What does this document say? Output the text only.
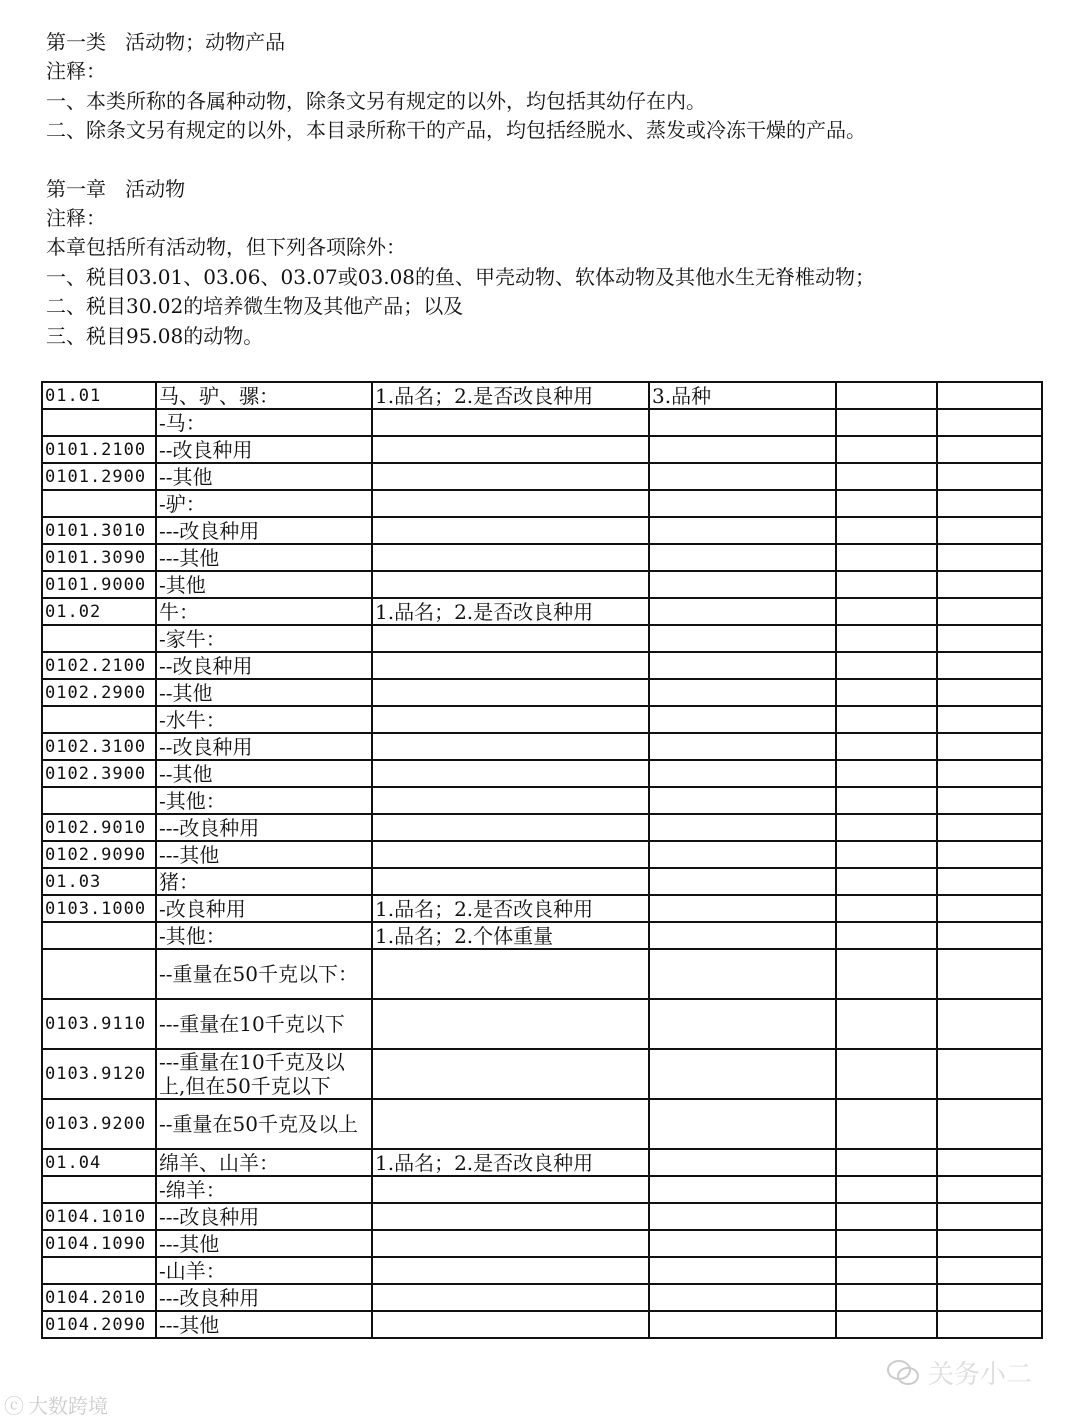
第一类   活动物；动物产品

注释：

一、本类所称的各属种动物，除条文另有规定的以外，均包括其幼仔在内。

二、除条文另有规定的以外，本目录所称干的产品，均包括经脱水、蒸发或冷冻干燥的产品。

第一章   活动物

注释：

本章包括所有活动物，但下列各项除外：

一、税目03.01、03.06、03.07或03.08的鱼、甲壳动物、软体动物及其他水生无脊椎动物；

二、税目30.02的培养微生物及其他产品；以及

三、税目95.08的动物。

01.01	马、驴、骡：	1.品名；2.是否改良种用	3.品种		
	-马：				
0101.2100	--改良种用				
0101.2900	--其他				
	-驴：				
0101.3010	---改良种用				
0101.3090	---其他				
0101.9000	-其他				
01.02	牛：	1.品名；2.是否改良种用			
	-家牛：				
0102.2100	--改良种用				
0102.2900	--其他				
	-水牛：				
0102.3100	--改良种用				
0102.3900	--其他				
	-其他：				
0102.9010	---改良种用				
0102.9090	---其他				
01.03	猪：				
0103.1000	-改良种用	1.品名；2.是否改良种用			
	-其他：	1.品名；2.个体重量			
	--重量在50千克以下：				
0103.9110	---重量在10千克以下				
0103.9120	---重量在10千克及以上,但在50千克以下				
0103.9200	--重量在50千克及以上				
01.04	绵羊、山羊：	1.品名；2.是否改良种用			
	-绵羊：				
0104.1010	---改良种用				
0104.1090	---其他				
	-山羊：				
0104.2010	---改良种用				
0104.2090	---其他				
ⓒ 大数跨境
关务小二
